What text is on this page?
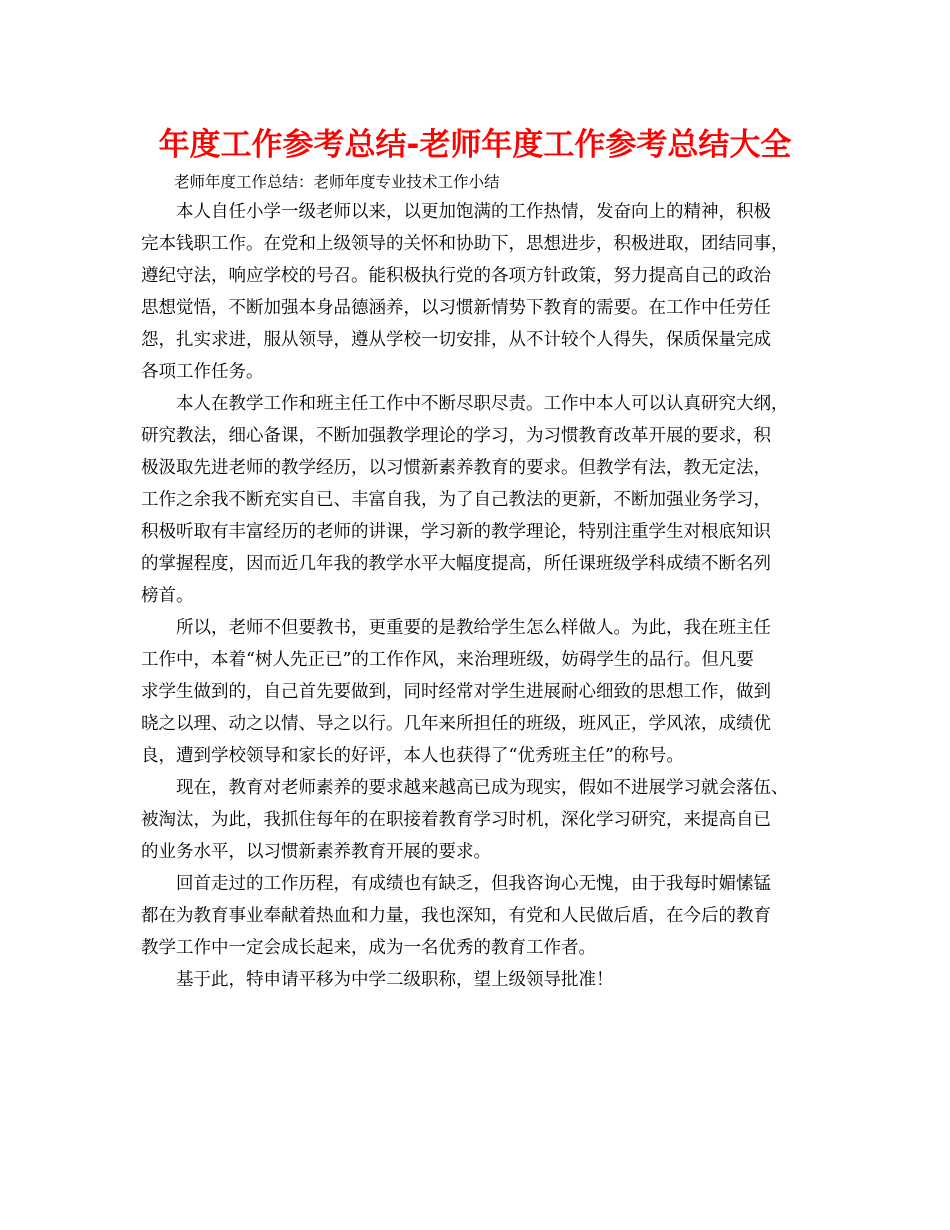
年度工作参考总结-老师年度工作参考总结大全

老师年度工作总结：老师年度专业技术工作小结

本人自任小学一级老师以来，以更加饱满的工作热情，发奋向上的精神，积极
完本钱职工作。在党和上级领导的关怀和协助下，思想进步，积极进取，团结同事，
遵纪守法，响应学校的号召。能积极执行党的各项方针政策，努力提高自己的政治
思想觉悟，不断加强本身品德涵养，以习惯新情势下教育的需要。在工作中任劳任
怨，扎实求进，服从领导，遵从学校一切安排，从不计较个人得失，保质保量完成
各项工作任务。

本人在教学工作和班主任工作中不断尽职尽责。工作中本人可以认真研究大纲，
研究教法，细心备课，不断加强教学理论的学习，为习惯教育改革开展的要求，积
极汲取先进老师的教学经历，以习惯新素养教育的要求。但教学有法，教无定法，
工作之余我不断充实自已、丰富自我，为了自己教法的更新，不断加强业务学习，
积极听取有丰富经历的老师的讲课，学习新的教学理论，特别注重学生对根底知识
的掌握程度，因而近几年我的教学水平大幅度提高，所任课班级学科成绩不断名列
榜首。

所以，老师不但要教书，更重要的是教给学生怎么样做人。为此，我在班主任
工作中，本着“树人先正已”的工作作风，来治理班级，妨碍学生的品行。但凡要
求学生做到的，自己首先要做到，同时经常对学生进展耐心细致的思想工作，做到
晓之以理、动之以情、导之以行。几年来所担任的班级，班风正，学风浓，成绩优
良，遭到学校领导和家长的好评，本人也获得了“优秀班主任”的称号。

现在，教育对老师素养的要求越来越高已成为现实，假如不进展学习就会落伍、
被淘汰，为此，我抓住每年的在职接着教育学习时机，深化学习研究，来提高自已
的业务水平，以习惯新素养教育开展的要求。

回首走过的工作历程，有成绩也有缺乏，但我咨询心无愧，由于我每时媚愫锰
都在为教育事业奉献着热血和力量，我也深知，有党和人民做后盾，在今后的教育
教学工作中一定会成长起来，成为一名优秀的教育工作者。

基于此，特申请平移为中学二级职称，望上级领导批准！
